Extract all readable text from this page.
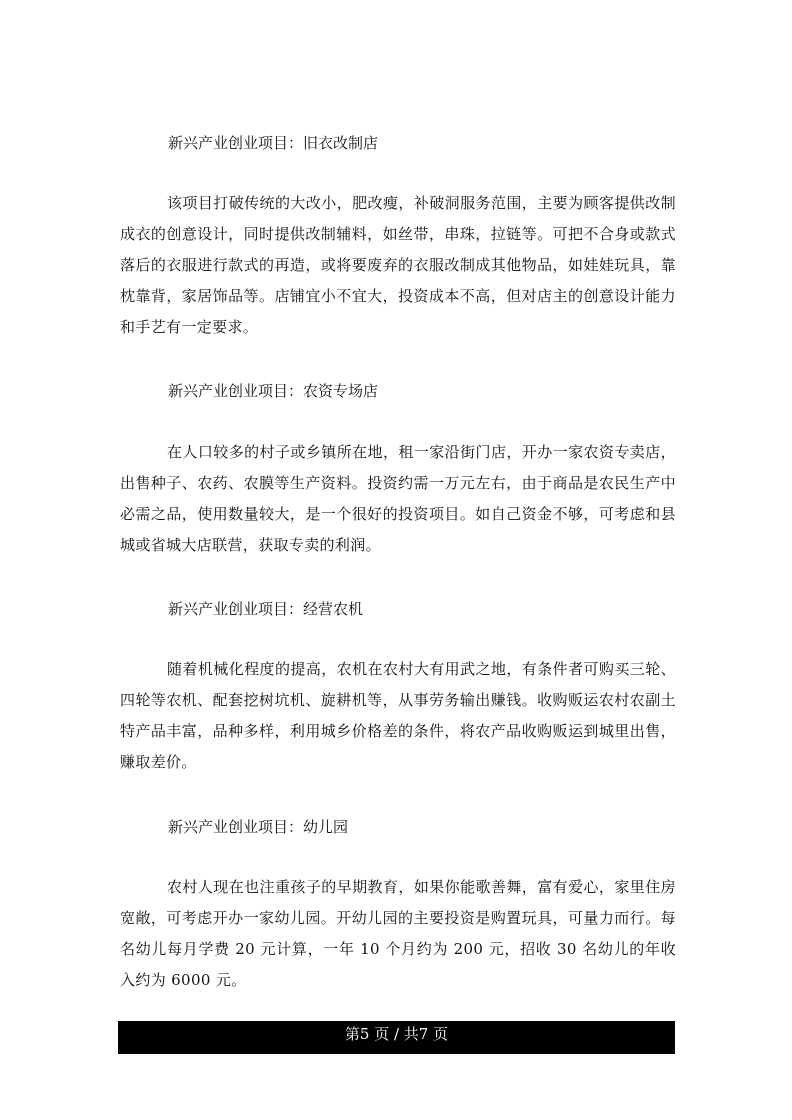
新兴产业创业项目：旧衣改制店
该项目打破传统的大改小，肥改瘦，补破洞服务范围，主要为顾客提供改制成衣的创意设计，同时提供改制辅料，如丝带，串珠，拉链等。可把不合身或款式落后的衣服进行款式的再造，或将要废弃的衣服改制成其他物品，如娃娃玩具，靠枕靠背，家居饰品等。店铺宜小不宜大，投资成本不高，但对店主的创意设计能力和手艺有一定要求。
新兴产业创业项目：农资专场店
在人口较多的村子或乡镇所在地，租一家沿街门店，开办一家农资专卖店，出售种子、农药、农膜等生产资料。投资约需一万元左右，由于商品是农民生产中必需之品，使用数量较大，是一个很好的投资项目。如自己资金不够，可考虑和县城或省城大店联营，获取专卖的利润。
新兴产业创业项目：经营农机
随着机械化程度的提高，农机在农村大有用武之地，有条件者可购买三轮、四轮等农机、配套挖树坑机、旋耕机等，从事劳务输出赚钱。收购贩运农村农副土特产品丰富，品种多样，利用城乡价格差的条件，将农产品收购贩运到城里出售，赚取差价。
新兴产业创业项目：幼儿园
农村人现在也注重孩子的早期教育，如果你能歌善舞，富有爱心，家里住房宽敞，可考虑开办一家幼儿园。开幼儿园的主要投资是购置玩具，可量力而行。每名幼儿每月学费 20 元计算，一年 10 个月约为 200 元，招收 30 名幼儿的年收入约为 6000 元。
第5 页 / 共7 页
